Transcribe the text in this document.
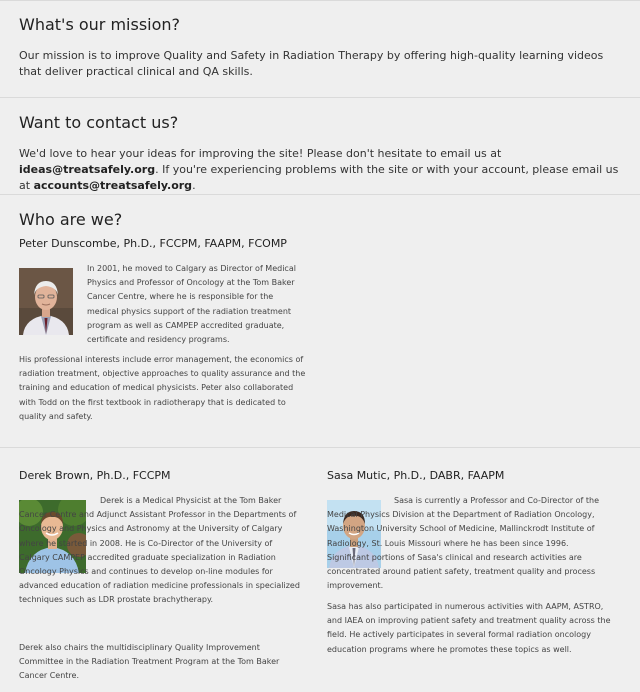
What's our mission?
Our mission is to improve Quality and Safety in Radiation Therapy by offering high-quality learning videos that deliver practical clinical and QA skills.
Want to contact us?
We'd love to hear your ideas for improving the site! Please don't hesitate to email us at ideas@treatsafely.org. If you're experiencing problems with the site or with your account, please email us at accounts@treatsafely.org.
Who are we?
Peter Dunscombe, Ph.D., FCCPM, FAAPM, FCOMP
In 2001, he moved to Calgary as Director of Medical Physics and Professor of Oncology at the Tom Baker Cancer Centre, where he is responsible for the medical physics support of the radiation treatment program as well as CAMPEP accredited graduate, certificate and residency programs.
His professional interests include error management, the economics of radiation treatment, objective approaches to quality assurance and the training and education of medical physicists. Peter also collaborated with Todd on the first textbook in radiotherapy that is dedicated to quality and safety.
Derek Brown, Ph.D., FCCPM
Derek is a Medical Physicist at the Tom Baker Cancer Centre and Adjunct Assistant Professor in the Departments of Oncology and Physics and Astronomy at the University of Calgary where he started in 2008. He is Co-Director of the University of Calgary CAMPEP accredited graduate specialization in Radiation Oncology Physics and continues to develop on-line modules for advanced education of radiation medicine professionals in specialized techniques such as LDR prostate brachytherapy.
Derek also chairs the multidisciplinary Quality Improvement Committee in the Radiation Treatment Program at the Tom Baker Cancer Centre.
Sasa Mutic, Ph.D., DABR, FAAPM
Sasa is currently a Professor and Co-Director of the Medical Physics Division at the Department of Radiation Oncology, Washington University School of Medicine, Mallinckrodt Institute of Radiology, St. Louis Missouri where he has been since 1996. Significant portions of Sasa's clinical and research activities are concentrated around patient safety, treatment quality and process improvement.
Sasa has also participated in numerous activities with AAPM, ASTRO, and IAEA on improving patient safety and treatment quality across the field. He actively participates in several formal radiation oncology education programs where he promotes these topics as well.
